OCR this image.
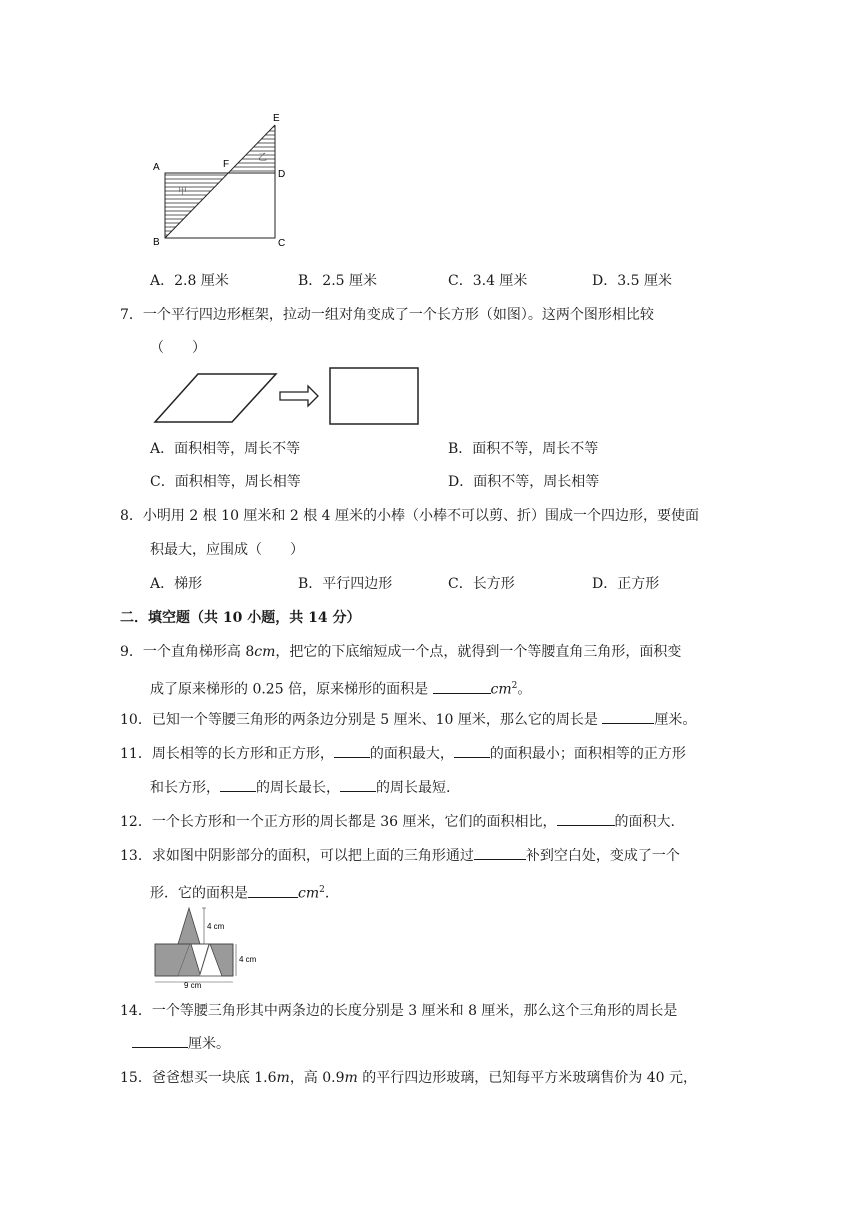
A
B	C
D
E
F
甲
乙
A．2.8 厘米	B．2.5 厘米	C．3.4 厘米	D．3.5 厘米
7．一个平行四边形框架，拉动一组对角变成了一个长方形（如图）。这两个图形相比较
（　　）
A．面积相等，周长不等	B．面积不等，周长不等
C．面积相等，周长相等	D．面积不等，周长相等
8．小明用 2 根 10 厘米和 2 根 4 厘米的小棒（小棒不可以剪、折）围成一个四边形，要使面
积最大，应围成（　　）
A．梯形	B．平行四边形	C．长方形	D．正方形
二．填空题（共 10 小题，共 14 分）
9．一个直角梯形高 8cm，把它的下底缩短成一个点，就得到一个等腰直角三角形，面积变
成了原来梯形的 0.25 倍，原来梯形的面积是	$cm^2$。
10．已知一个等腰三角形的两条边分别是 5 厘米、10 厘米，那么它的周长是	厘米。
11．周长相等的长方形和正方形，	的面积最大，	的面积最小；面积相等的正方形
和长方形，	的周长最长，	的周长最短.
12．一个长方形和一个正方形的周长都是 36 厘米，它们的面积相比，	的面积大.
13．求如图中阴影部分的面积，可以把上面的三角形通过	补到空白处，变成了一个
形．它的面积是	$cm^2$.
4 cm
4 cm
9 cm
14．一个等腰三角形其中两条边的长度分别是 3 厘米和 8 厘米，那么这个三角形的周长是
厘米。
15．爸爸想买一块底 1.6m，高 0.9m 的平行四边形玻璃，已知每平方米玻璃售价为 40 元，
